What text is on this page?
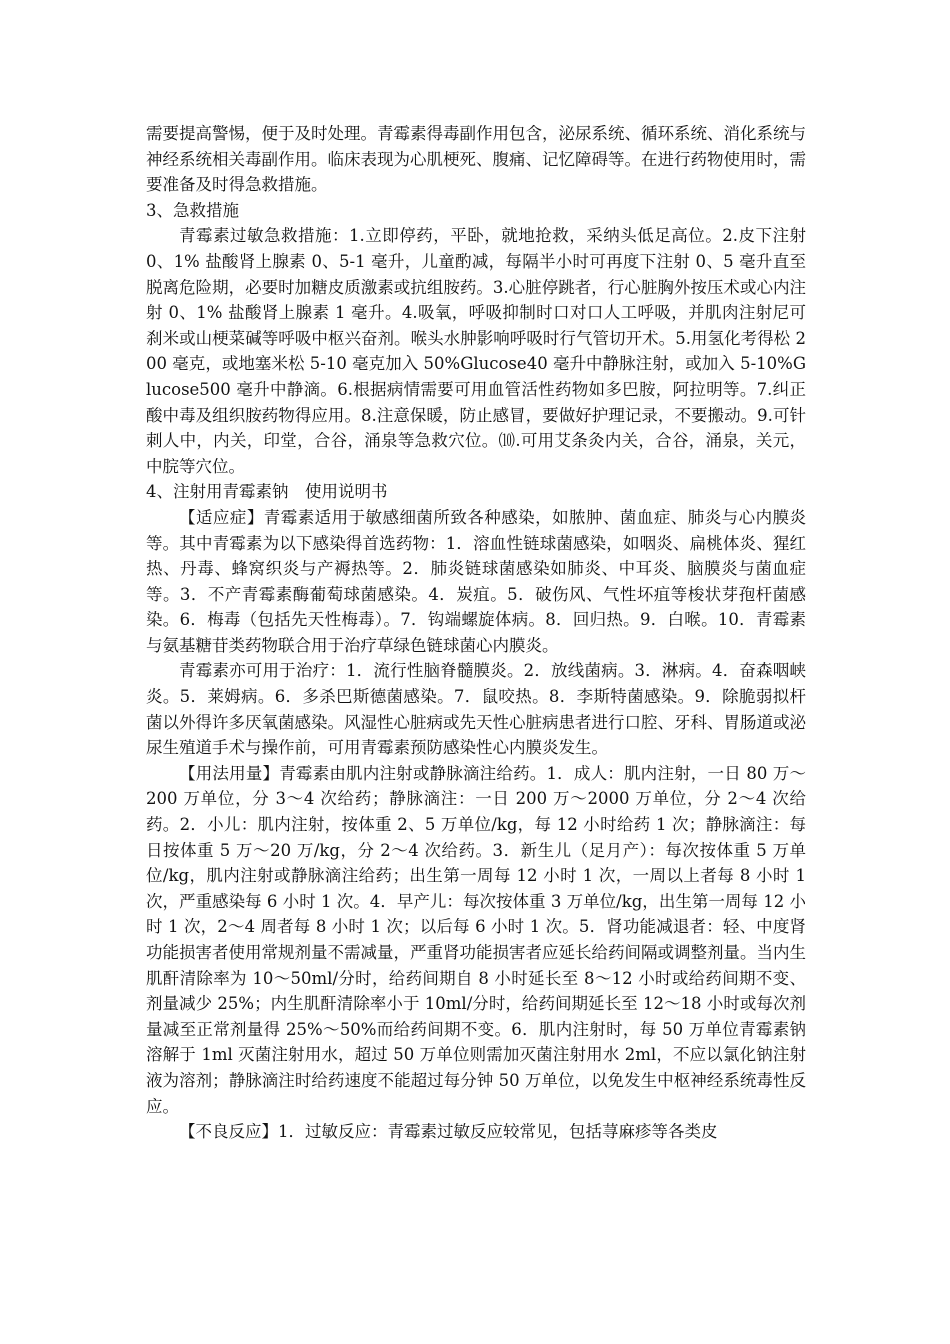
需要提高警惕，便于及时处理。青霉素得毒副作用包含，泌尿系统、循环系统、消化系统与神经系统相关毒副作用。临床表现为心肌梗死、腹痛、记忆障碍等。在进行药物使用时，需要准备及时得急救措施。

3、急救措施

青霉素过敏急救措施：1.立即停药，平卧，就地抢救，采纳头低足高位。2.皮下注射 0、1% 盐酸肾上腺素 0、5-1 毫升，儿童酌减，每隔半小时可再度下注射 0、5 毫升直至脱离危险期，必要时加糖皮质激素或抗组胺药。3.心脏停跳者，行心脏胸外按压术或心内注射 0、1% 盐酸肾上腺素 1 毫升。4.吸氧，呼吸抑制时口对口人工呼吸，并肌肉注射尼可刹米或山梗菜碱等呼吸中枢兴奋剂。喉头水肿影响呼吸时行气管切开术。5.用氢化考得松 200 毫克，或地塞米松 5-10 毫克加入 50%Glucose40 毫升中静脉注射，或加入 5-10%Glucose500 毫升中静滴。6.根据病情需要可用血管活性药物如多巴胺，阿拉明等。7.纠正酸中毒及组织胺药物得应用。8.注意保暖，防止感冒，要做好护理记录，不要搬动。9.可针刺人中，内关，印堂，合谷，涌泉等急救穴位。⑽.可用艾条灸内关，合谷，涌泉，关元，中脘等穴位。

4、注射用青霉素钠　使用说明书

【适应症】青霉素适用于敏感细菌所致各种感染，如脓肿、菌血症、肺炎与心内膜炎等。其中青霉素为以下感染得首选药物：1．溶血性链球菌感染，如咽炎、扁桃体炎、猩红热、丹毒、蜂窝织炎与产褥热等。2．肺炎链球菌感染如肺炎、中耳炎、脑膜炎与菌血症等。3．不产青霉素酶葡萄球菌感染。4．炭疽。5．破伤风、气性坏疽等梭状芽孢杆菌感染。6．梅毒（包括先天性梅毒）。7．钩端螺旋体病。8．回归热。9．白喉。10．青霉素与氨基糖苷类药物联合用于治疗草绿色链球菌心内膜炎。

青霉素亦可用于治疗：1．流行性脑脊髓膜炎。2．放线菌病。3．淋病。4．奋森咽峡炎。5．莱姆病。6．多杀巴斯德菌感染。7．鼠咬热。8．李斯特菌感染。9．除脆弱拟杆菌以外得许多厌氧菌感染。风湿性心脏病或先天性心脏病患者进行口腔、牙科、胃肠道或泌尿生殖道手术与操作前，可用青霉素预防感染性心内膜炎发生。

【用法用量】青霉素由肌内注射或静脉滴注给药。1．成人：肌内注射，一日 80 万～200 万单位，分 3～4 次给药；静脉滴注：一日 200 万～2000 万单位，分 2～4 次给药。2．小儿：肌内注射，按体重 2、5 万单位/kg，每 12 小时给药 1 次；静脉滴注：每日按体重 5 万～20 万/kg，分 2～4 次给药。3．新生儿（足月产）：每次按体重 5 万单位/kg，肌内注射或静脉滴注给药；出生第一周每 12 小时 1 次，一周以上者每 8 小时 1 次，严重感染每 6 小时 1 次。4．早产儿：每次按体重 3 万单位/kg，出生第一周每 12 小时 1 次，2～4 周者每 8 小时 1 次；以后每 6 小时 1 次。5．肾功能减退者：轻、中度肾功能损害者使用常规剂量不需减量，严重肾功能损害者应延长给药间隔或调整剂量。当内生肌酐清除率为 10～50ml/分时，给药间期自 8 小时延长至 8～12 小时或给药间期不变、剂量减少 25%；内生肌酐清除率小于 10ml/分时，给药间期延长至 12～18 小时或每次剂量减至正常剂量得 25%～50%而给药间期不变。6．肌内注射时，每 50 万单位青霉素钠溶解于 1ml 灭菌注射用水，超过 50 万单位则需加灭菌注射用水 2ml，不应以氯化钠注射液为溶剂；静脉滴注时给药速度不能超过每分钟 50 万单位，以免发生中枢神经系统毒性反应。

【不良反应】1．过敏反应：青霉素过敏反应较常见，包括荨麻疹等各类皮
